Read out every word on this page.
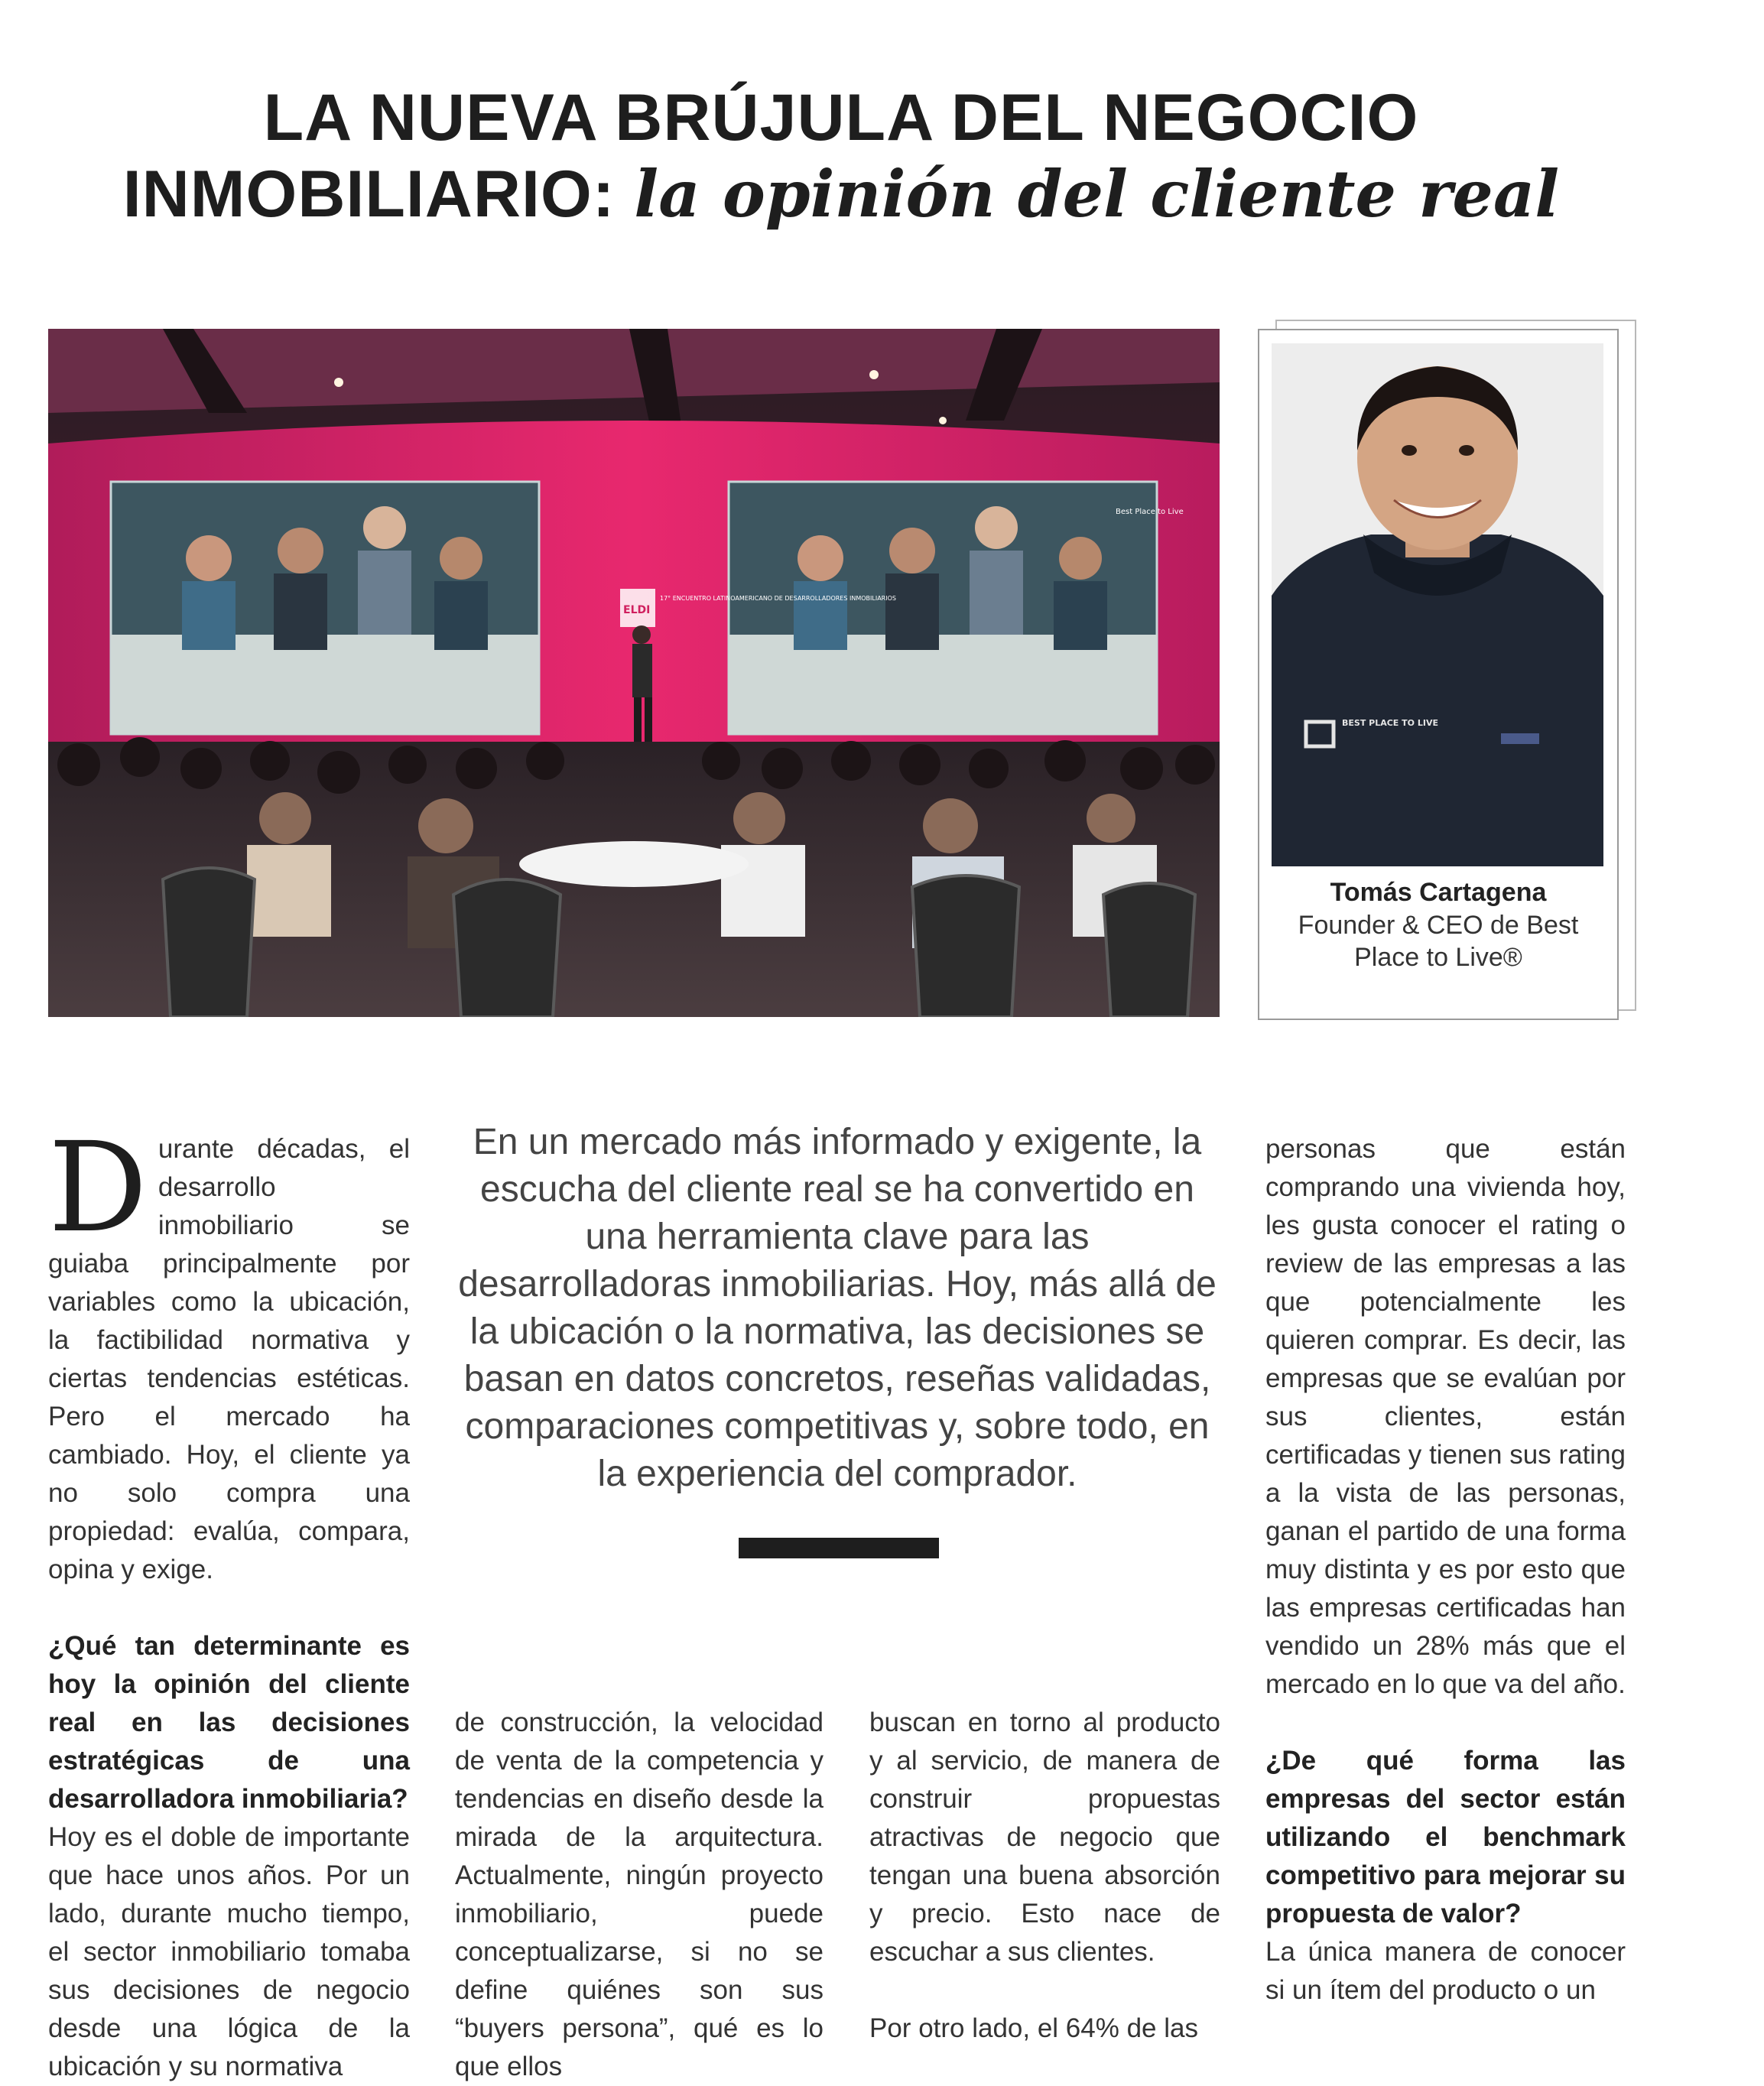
LA NUEVA BRÚJULA DEL NEGOCIO
INMOBILIARIO: la opinión del cliente real
17° ENCUENTRO LATINOAMERICANO DE DESARROLLADORES INMOBILIARIOS
ELDI
Best Place to Live
BEST PLACE TO LIVE
Tomás Cartagena
Founder & CEO de Best Place to Live®

Durante décadas, el desarrollo inmobiliario se guiaba principalmente por variables como la ubicación, la factibilidad normativa y ciertas tendencias estéticas. Pero el mercado ha cambiado. Hoy, el cliente ya no solo compra una propiedad: evalúa, compara, opina y exige.

¿Qué tan determinante es hoy la opinión del cliente real en las decisiones estratégicas de una desarrolladora inmobiliaria?

Hoy es el doble de importante que hace unos años. Por un lado, durante mucho tiempo, el sector inmobiliario tomaba sus decisiones de negocio desde una lógica de la ubicación y su normativa

En un mercado más informado y exigente, la escucha del cliente real se ha convertido en una herramienta clave para las desarrolladoras inmobiliarias. Hoy, más allá de la ubicación o la normativa, las decisiones se basan en datos concretos, reseñas validadas, comparaciones competitivas y, sobre todo, en la experiencia del comprador.

de construcción, la velocidad de venta de la competencia y tendencias en diseño desde la mirada de la arquitectura. Actualmente, ningún proyecto inmobiliario, puede conceptualizarse, si no se define quiénes son sus “buyers persona”, qué es lo que ellos

buscan en torno al producto y al servicio, de manera de construir propuestas atractivas de negocio que tengan una buena absorción y precio. Esto nace de escuchar a sus clientes.

Por otro lado, el 64% de las

personas que están comprando una vivienda hoy, les gusta conocer el rating o review de las empresas a las que potencialmente les quieren comprar. Es decir, las empresas que se evalúan por sus clientes, están certificadas y tienen sus rating a la vista de las personas, ganan el partido de una forma muy distinta y es por esto que las empresas certificadas han vendido un 28% más que el mercado en lo que va del año.

¿De qué forma las empresas del sector están utilizando el benchmark competitivo para mejorar su propuesta de valor?

La única manera de conocer si un ítem del producto o un
